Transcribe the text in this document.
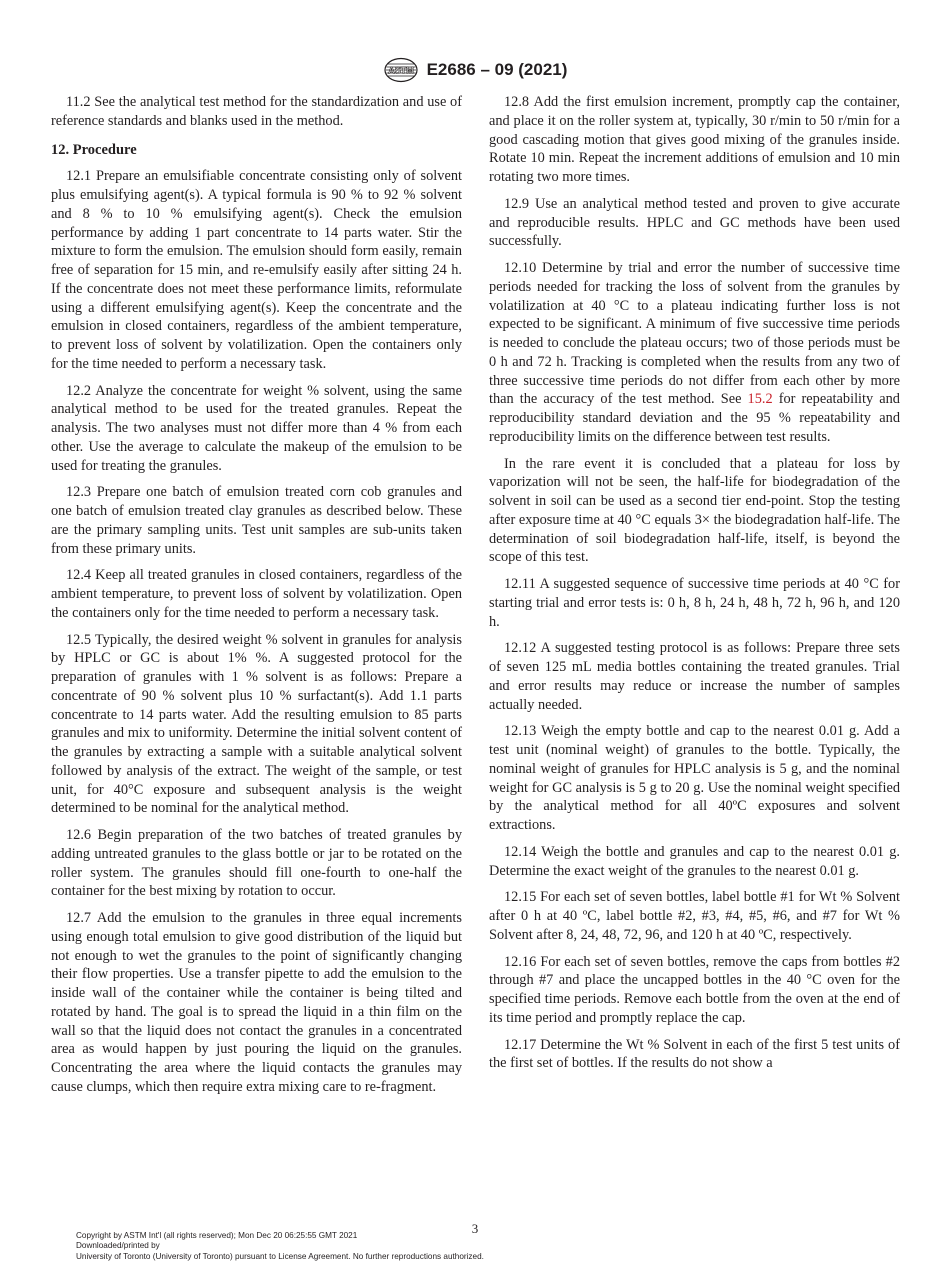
ASTM E2686 – 09 (2021)

11.2 See the analytical test method for the standardization and use of reference standards and blanks used in the method.

12. Procedure

12.1 Prepare an emulsifiable concentrate consisting only of solvent plus emulsifying agent(s). A typical formula is 90 % to 92 % solvent and 8 % to 10 % emulsifying agent(s). Check the emulsion performance by adding 1 part concentrate to 14 parts water. Stir the mixture to form the emulsion. The emulsion should form easily, remain free of separation for 15 min, and re-emulsify easily after sitting 24 h. If the concentrate does not meet these performance limits, reformulate using a different emulsifying agent(s). Keep the concentrate and the emulsion in closed containers, regardless of the ambient temperature, to prevent loss of solvent by volatilization. Open the containers only for the time needed to perform a necessary task.

12.2 Analyze the concentrate for weight % solvent, using the same analytical method to be used for the treated granules. Repeat the analysis. The two analyses must not differ more than 4 % from each other. Use the average to calculate the makeup of the emulsion to be used for treating the granules.

12.3 Prepare one batch of emulsion treated corn cob granules and one batch of emulsion treated clay granules as described below. These are the primary sampling units. Test unit samples are sub-units taken from these primary units.

12.4 Keep all treated granules in closed containers, regardless of the ambient temperature, to prevent loss of solvent by volatilization. Open the containers only for the time needed to perform a necessary task.

12.5 Typically, the desired weight % solvent in granules for analysis by HPLC or GC is about 1% %. A suggested protocol for the preparation of granules with 1 % solvent is as follows: Prepare a concentrate of 90 % solvent plus 10 % surfactant(s). Add 1.1 parts concentrate to 14 parts water. Add the resulting emulsion to 85 parts granules and mix to uniformity. Determine the initial solvent content of the granules by extracting a sample with a suitable analytical solvent followed by analysis of the extract. The weight of the sample, or test unit, for 40°C exposure and subsequent analysis is the weight determined to be nominal for the analytical method.

12.6 Begin preparation of the two batches of treated granules by adding untreated granules to the glass bottle or jar to be rotated on the roller system. The granules should fill one-fourth to one-half the container for the best mixing by rotation to occur.

12.7 Add the emulsion to the granules in three equal increments using enough total emulsion to give good distribution of the liquid but not enough to wet the granules to the point of significantly changing their flow properties. Use a transfer pipette to add the emulsion to the inside wall of the container while the container is being tilted and rotated by hand. The goal is to spread the liquid in a thin film on the wall so that the liquid does not contact the granules in a concentrated area as would happen by just pouring the liquid on the granules. Concentrating the area where the liquid contacts the granules may cause clumps, which then require extra mixing care to re-fragment.

12.8 Add the first emulsion increment, promptly cap the container, and place it on the roller system at, typically, 30 r/min to 50 r/min for a good cascading motion that gives good mixing of the granules inside. Rotate 10 min. Repeat the increment additions of emulsion and 10 min rotating two more times.

12.9 Use an analytical method tested and proven to give accurate and reproducible results. HPLC and GC methods have been used successfully.

12.10 Determine by trial and error the number of successive time periods needed for tracking the loss of solvent from the granules by volatilization at 40 °C to a plateau indicating further loss is not expected to be significant. A minimum of five successive time periods is needed to conclude the plateau occurs; two of those periods must be 0 h and 72 h. Tracking is completed when the results from any two of three successive time periods do not differ from each other by more than the accuracy of the test method. See 15.2 for repeatability and reproducibility standard deviation and the 95 % repeatability and reproducibility limits on the difference between test results.

In the rare event it is concluded that a plateau for loss by vaporization will not be seen, the half-life for biodegradation of the solvent in soil can be used as a second tier end-point. Stop the testing after exposure time at 40 °C equals 3× the biodegradation half-life. The determination of soil biodegradation half-life, itself, is beyond the scope of this test.

12.11 A suggested sequence of successive time periods at 40 °C for starting trial and error tests is: 0 h, 8 h, 24 h, 48 h, 72 h, 96 h, and 120 h.

12.12 A suggested testing protocol is as follows: Prepare three sets of seven 125 mL media bottles containing the treated granules. Trial and error results may reduce or increase the number of samples actually needed.

12.13 Weigh the empty bottle and cap to the nearest 0.01 g. Add a test unit (nominal weight) of granules to the bottle. Typically, the nominal weight of granules for HPLC analysis is 5 g, and the nominal weight for GC analysis is 5 g to 20 g. Use the nominal weight specified by the analytical method for all 40ºC exposures and solvent extractions.

12.14 Weigh the bottle and granules and cap to the nearest 0.01 g. Determine the exact weight of the granules to the nearest 0.01 g.

12.15 For each set of seven bottles, label bottle #1 for Wt % Solvent after 0 h at 40 ºC, label bottle #2, #3, #4, #5, #6, and #7 for Wt % Solvent after 8, 24, 48, 72, 96, and 120 h at 40 ºC, respectively.

12.16 For each set of seven bottles, remove the caps from bottles #2 through #7 and place the uncapped bottles in the 40 °C oven for the specified time periods. Remove each bottle from the oven at the end of its time period and promptly replace the cap.

12.17 Determine the Wt % Solvent in each of the first 5 test units of the first set of bottles. If the results do not show a

3
Copyright by ASTM Int'l (all rights reserved); Mon Dec 20 06:25:55 GMT 2021
Downloaded/printed by
University of Toronto (University of Toronto) pursuant to License Agreement. No further reproductions authorized.
